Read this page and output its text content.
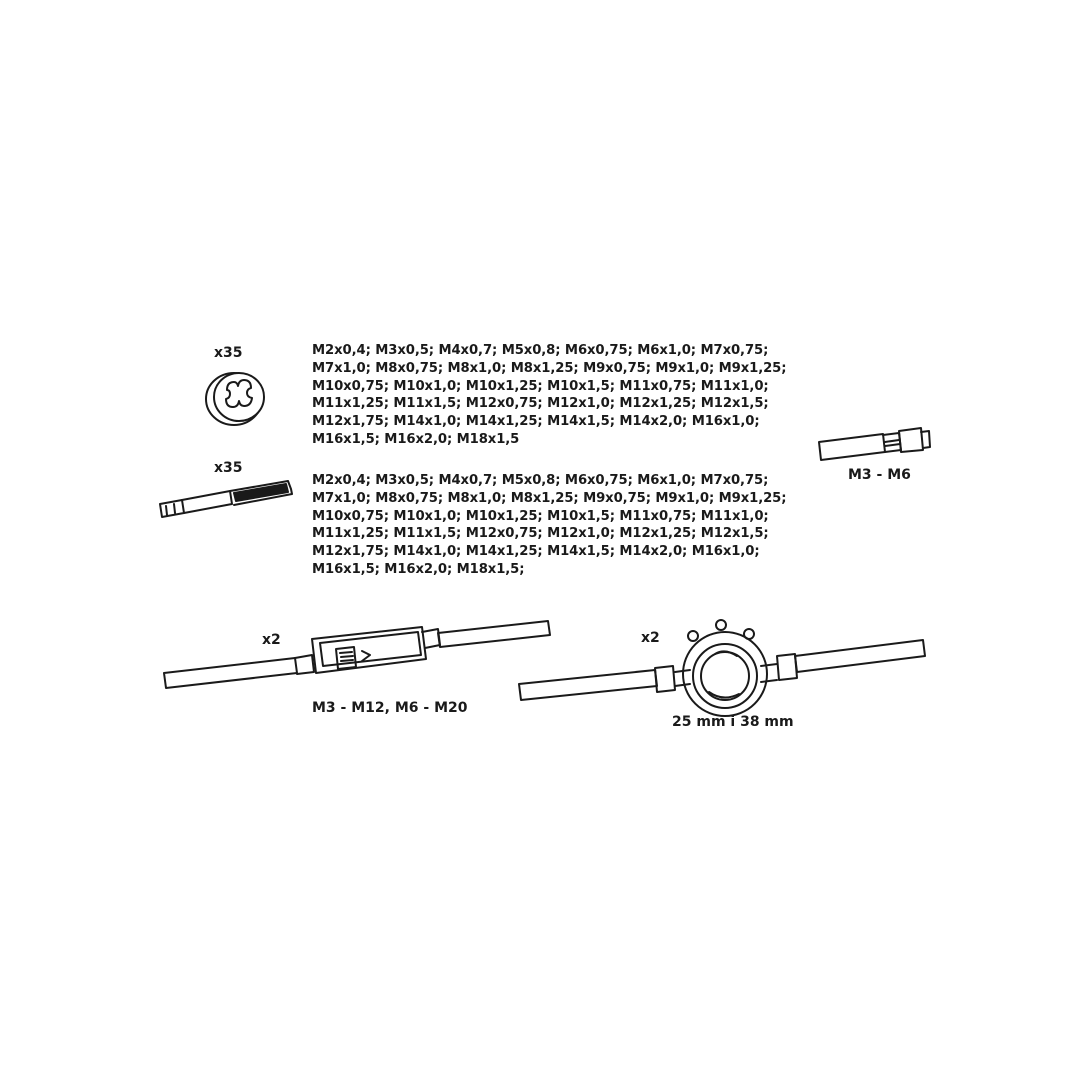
x35	M2x0,4; M3x0,5; M4x0,7; M5x0,8; M6x0,75; M6x1,0; M7x0,75;
M7x1,0; M8x0,75; M8x1,0; M8x1,25; M9x0,75; M9x1,0; M9x1,25;
M10x0,75; M10x1,0; M10x1,25; M10x1,5; M11x0,75; M11x1,0;
M11x1,25; M11x1,5; M12x0,75; M12x1,0; M12x1,25; M12x1,5;
M12x1,75; M14x1,0; M14x1,25; M14x1,5; M14x2,0; M16x1,0;
M16x1,5; M16x2,0; M18x1,5
x35
M2x0,4; M3x0,5; M4x0,7; M5x0,8; M6x0,75; M6x1,0; M7x0,75;
M7x1,0; M8x0,75; M8x1,0; M8x1,25; M9x0,75; M9x1,0; M9x1,25;
M10x0,75; M10x1,0; M10x1,25; M10x1,5; M11x0,75; M11x1,0;
M11x1,25; M11x1,5; M12x0,75; M12x1,0; M12x1,25; M12x1,5;
M12x1,75; M14x1,0; M14x1,25; M14x1,5; M14x2,0; M16x1,0;
M16x1,5; M16x2,0; M18x1,5;
M3 - M6
x2
M3 - M12, M6 - M20
x2
25 mm i 38 mm
